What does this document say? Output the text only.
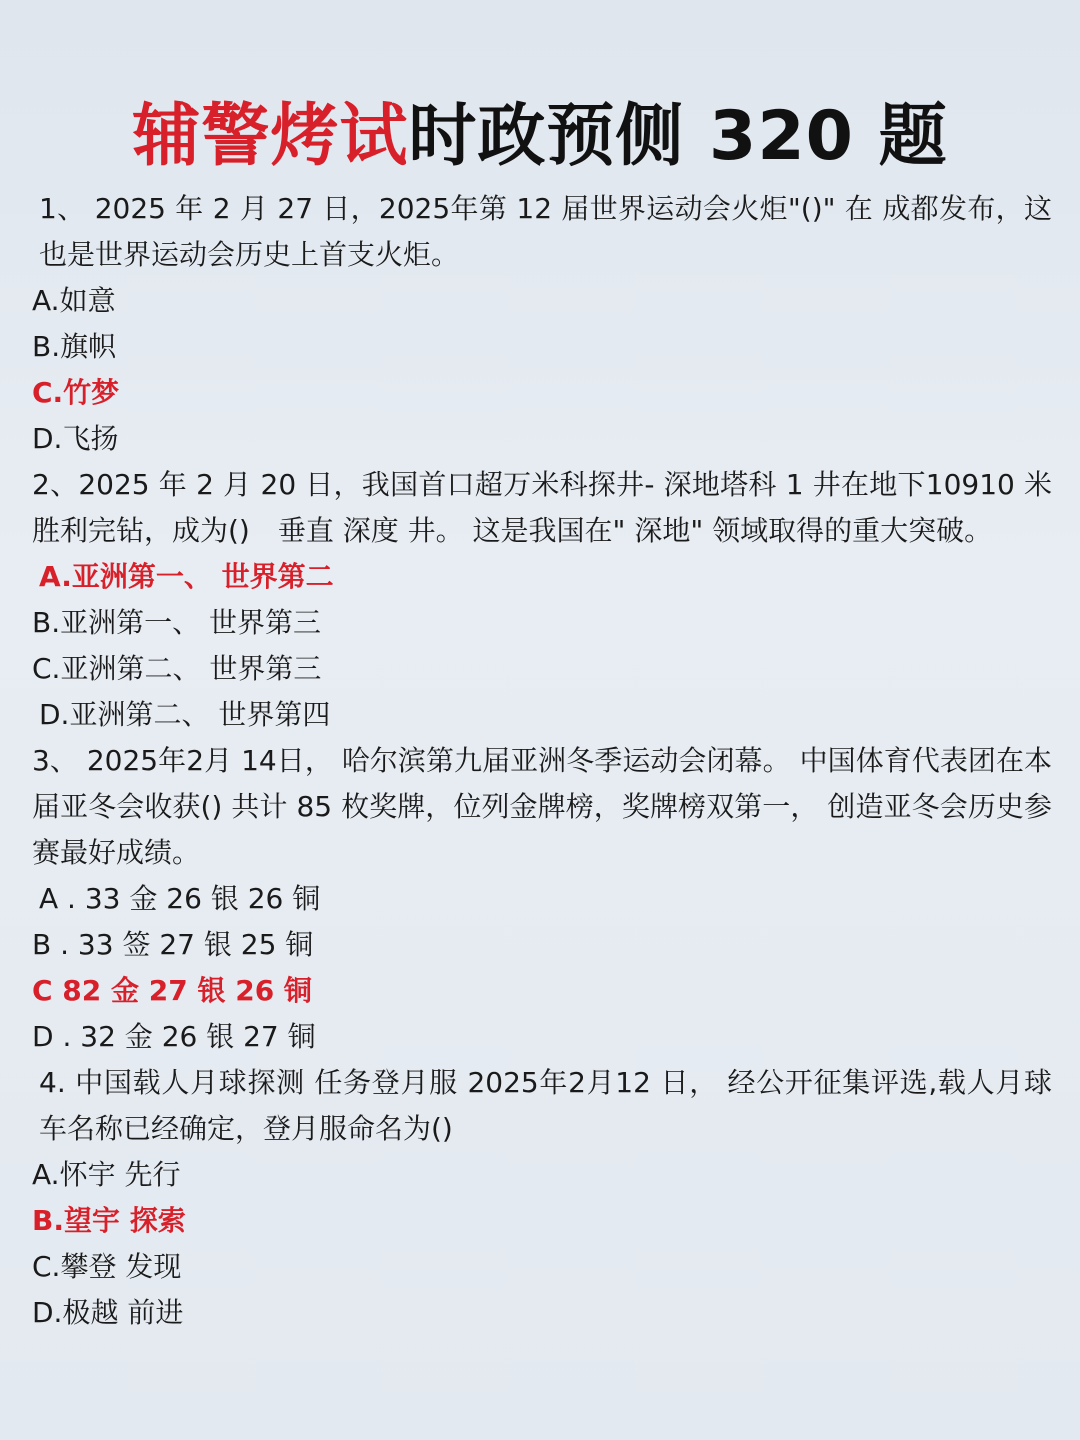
辅警烤试时政预侧 320 题
1、 2025 年 2 月 27 日，2025年第 12 届世界运动会火炬"()" 在 成都发布，这也是世界运动会历史上首支火炬。
A.如意
B.旗帜
C.竹梦
D.飞扬
2、2025 年 2 月 20 日，我国首口超万米科探井- 深地塔科 1 井在地下10910 米胜利完钻，成为()　垂直 深度 井。 这是我国在" 深地" 领域取得的重大突破。
A.亚洲第一、 世界第二
B.亚洲第一、 世界第三
C.亚洲第二、 世界第三
D.亚洲第二、 世界第四
3、 2025年2月 14日， 哈尔滨第九届亚洲冬季运动会闭幕。 中国体育代表团在本届亚冬会收获() 共计 85 枚奖牌，位列金牌榜，奖牌榜双第一， 创造亚冬会历史参赛最好成绩。
A . 33 金 26 银 26 铜
B . 33 签 27 银 25 铜
C 82 金 27 银 26 铜
D . 32 金 26 银 27 铜
4. 中国载人月球探测 任务登月服 2025年2月12 日， 经公开征集评选,载人月球车名称已经确定，登月服命名为()
A.怀宇 先行
B.望宇 探索
C.攀登 发现
D.极越 前进
